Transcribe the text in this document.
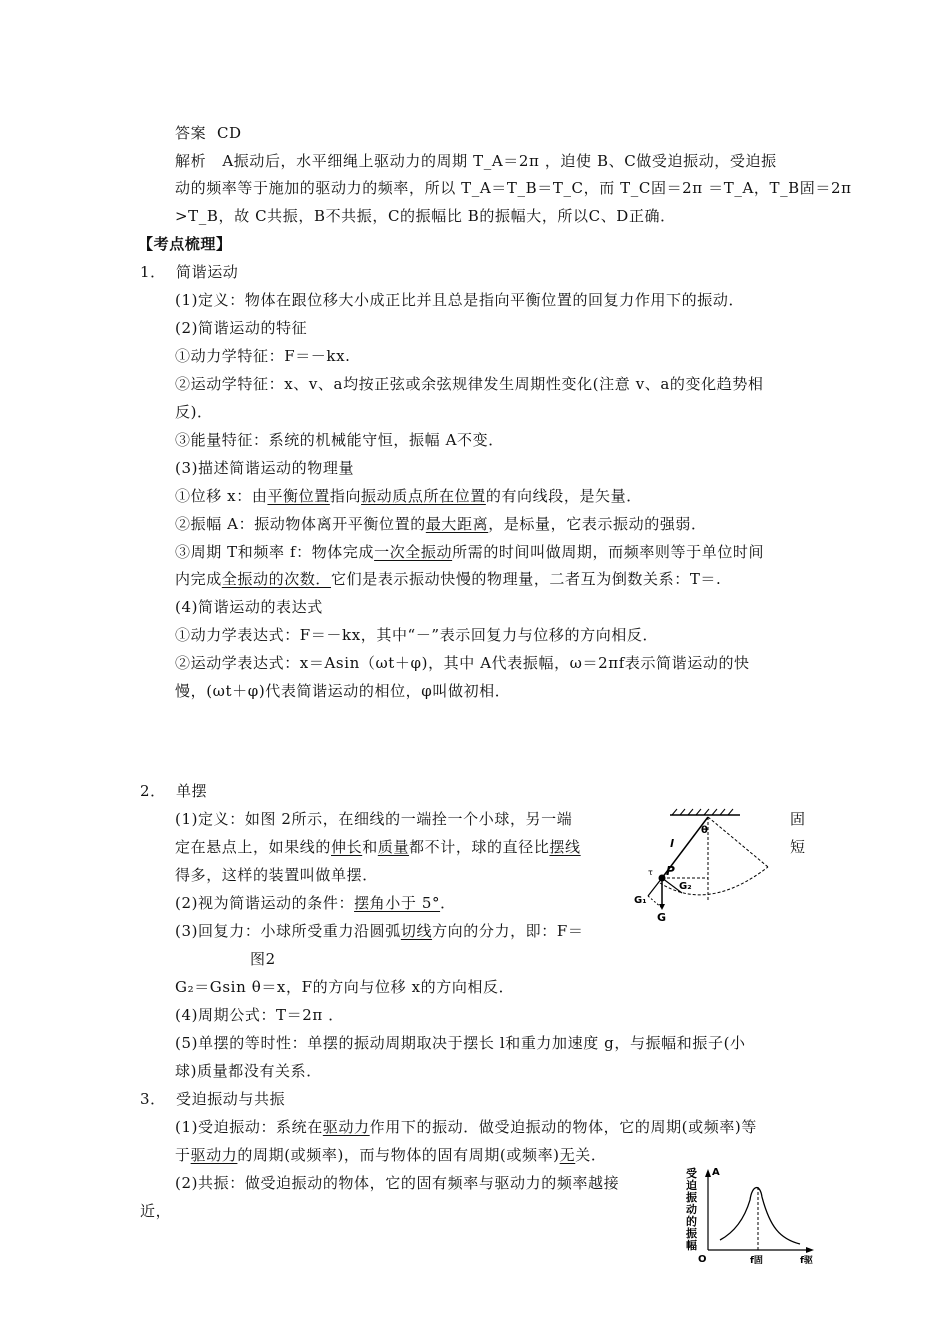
答案 CD
解析 A振动后，水平细绳上驱动力的周期 T_A＝2π ，迫使 B、C做受迫振动，受迫振
动的频率等于施加的驱动力的频率，所以 T_A＝T_B＝T_C，而 T_C固＝2π ＝T_A，T_B固＝2π
>T_B，故 C共振，B不共振，C的振幅比 B的振幅大，所以C、D正确．
【考点梳理】
1． 简谐运动
(1)定义：物体在跟位移大小成正比并且总是指向平衡位置的回复力作用下的振动．
(2)简谐运动的特征
①动力学特征：F＝－kx.
②运动学特征：x、v、a均按正弦或余弦规律发生周期性变化(注意 v、a的变化趋势相
反)．
③能量特征：系统的机械能守恒，振幅 A不变．
(3)描述简谐运动的物理量
①位移 x：由平衡位置指向振动质点所在位置的有向线段，是矢量．
②振幅 A：振动物体离开平衡位置的最大距离，是标量，它表示振动的强弱．
③周期 T和频率 f：物体完成一次全振动所需的时间叫做周期，而频率则等于单位时间
内完成全振动的次数．它们是表示振动快慢的物理量，二者互为倒数关系：T＝.
(4)简谐运动的表达式
①动力学表达式：F＝－kx，其中“－”表示回复力与位移的方向相反．
②运动学表达式：x＝Asin（ωt＋φ)，其中 A代表振幅，ω＝2πf表示简谐运动的快
慢，(ωt＋φ)代表简谐运动的相位，φ叫做初相．
2． 单摆
(1)定义：如图 2所示，在细线的一端拴一个小球，另一端	固
定在悬点上，如果线的伸长和质量都不计，球的直径比摆线	短
得多，这样的装置叫做单摆．
(2)视为简谐运动的条件：摆角小于 5°．
(3)回复力：小球所受重力沿圆弧切线方向的分力，即：F＝
图2
G₂＝Gsin θ＝x，F的方向与位移 x的方向相反．
(4)周期公式：T＝2π ．
(5)单摆的等时性：单摆的振动周期取决于摆长 l和重力加速度 g，与振幅和振子(小
球)质量都没有关系．
3． 受迫振动与共振
(1)受迫振动：系统在驱动力作用下的振动．做受迫振动的物体，它的周期(或频率)等
于驱动力的周期(或频率)，而与物体的固有周期(或频率)无关．
(2)共振：做受迫振动的物体，它的固有频率与驱动力的频率越接
近，
l
θ
P
τ
G₂
G₁
G
受迫振动的振幅
A
O	f固	f驱
